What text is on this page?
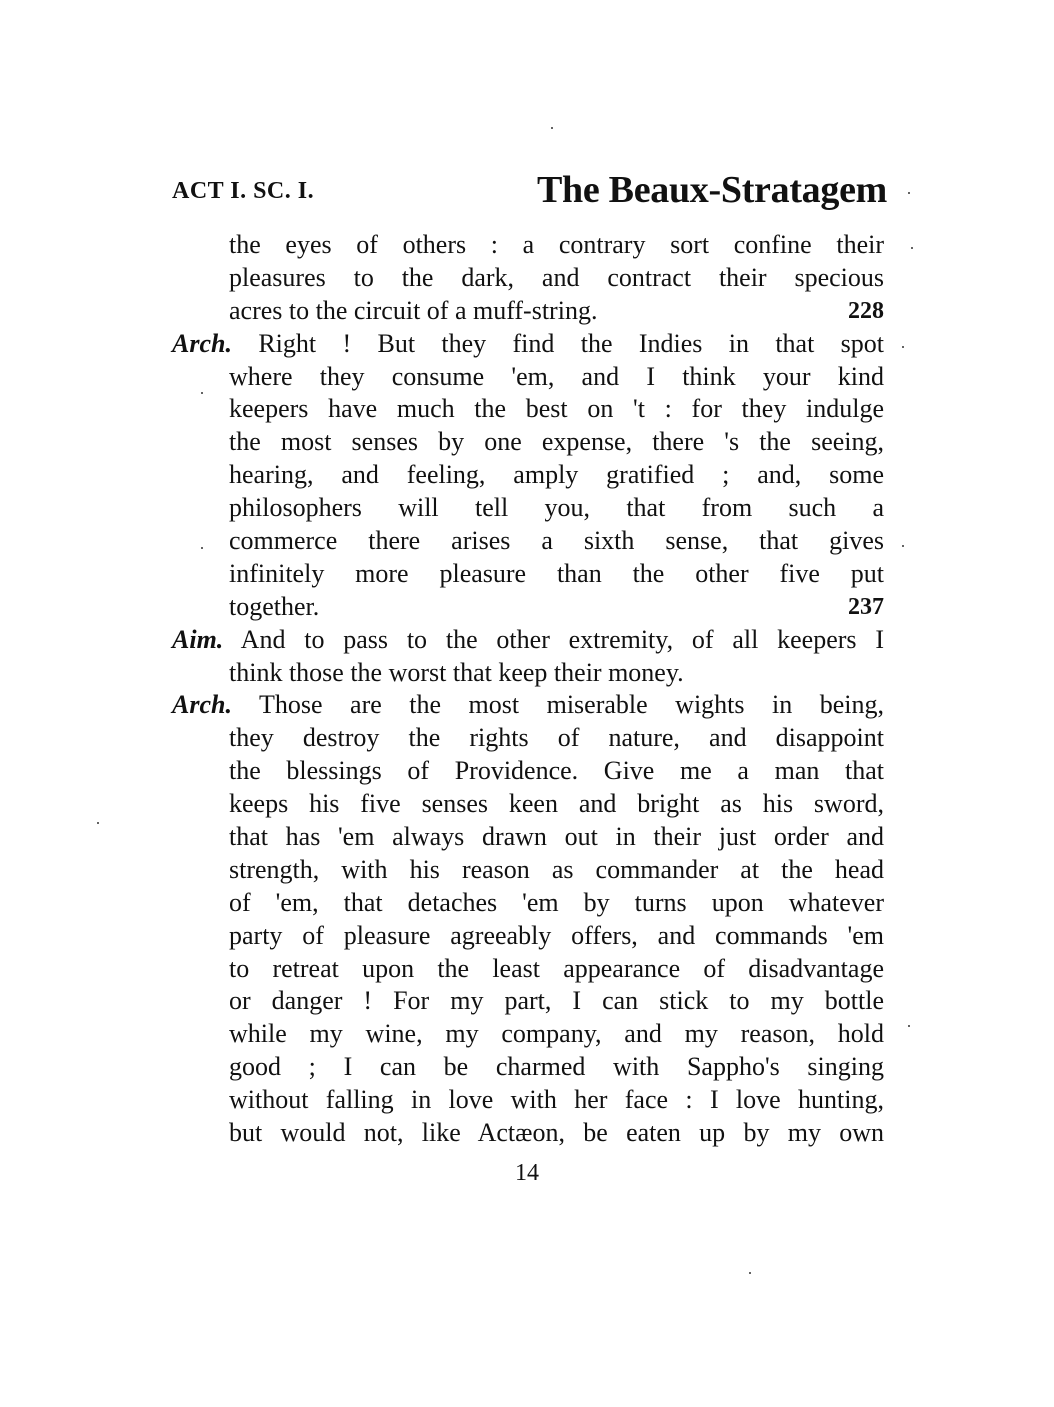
ACT I. SC. I.	The Beaux-Stratagem
the eyes of others : a contrary sort confine their
pleasures to the dark, and contract their specious
acres to the circuit of a muff-string.	228
Arch. Right ! But they find the Indies in that spot
where they consume 'em, and I think your kind
keepers have much the best on 't : for they indulge
the most senses by one expense, there 's the seeing,
hearing, and feeling, amply gratified ; and, some
philosophers will tell you, that from such a
commerce there arises a sixth sense, that gives
infinitely more pleasure than the other five put
together.	237
Aim. And to pass to the other extremity, of all keepers I
think those the worst that keep their money.
Arch. Those are the most miserable wights in being,
they destroy the rights of nature, and disappoint
the blessings of Providence. Give me a man that
keeps his five senses keen and bright as his sword,
that has 'em always drawn out in their just order and
strength, with his reason as commander at the head
of 'em, that detaches 'em by turns upon whatever
party of pleasure agreeably offers, and commands 'em
to retreat upon the least appearance of disadvantage
or danger ! For my part, I can stick to my bottle
while my wine, my company, and my reason, hold
good ; I can be charmed with Sappho's singing
without falling in love with her face : I love hunting,
but would not, like Actæon, be eaten up by my own
14
